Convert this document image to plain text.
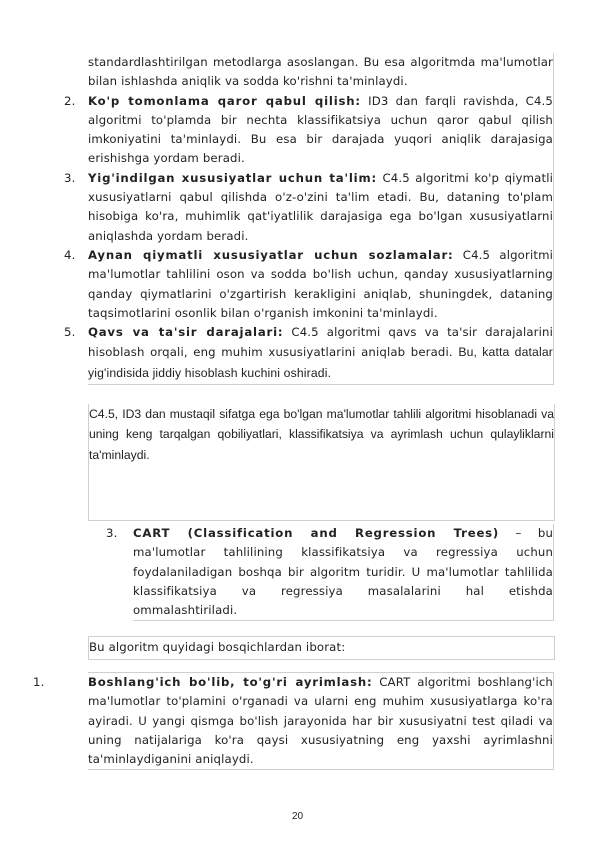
standardlashtirilgan metodlarga asoslangan. Bu esa algoritmda ma'lumotlar bilan ishlashda aniqlik va sodda ko'rishni ta'minlaydi.

2. Ko'p tomonlama qaror qabul qilish: ID3 dan farqli ravishda, C4.5 algoritmi to'plamda bir nechta klassifikatsiya uchun qaror qabul qilish imkoniyatini ta'minlaydi. Bu esa bir darajada yuqori aniqlik darajasiga erishishga yordam beradi.
3. Yig'indilgan xususiyatlar uchun ta'lim: C4.5 algoritmi ko'p qiymatli xususiyatlarni qabul qilishda o'z-o'zini ta'lim etadi. Bu, dataning to'plam hisobiga ko'ra, muhimlik qat'iyatlilik darajasiga ega bo'lgan xususiyatlarni aniqlashda yordam beradi.
4. Aynan qiymatli xususiyatlar uchun sozlamalar: C4.5 algoritmi ma'lumotlar tahlilini oson va sodda bo'lish uchun, qanday xususiyatlarning qanday qiymatlarini o'zgartirish kerakligini aniqlab, shuningdek, dataning taqsimotlarini osonlik bilan o'rganish imkonini ta'minlaydi.
5. Qavs va ta'sir darajalari: C4.5 algoritmi qavs va ta'sir darajalarini hisoblash orqali, eng muhim xususiyatlarini aniqlab beradi. Bu, katta datalar yig'indisida jiddiy hisoblash kuchini oshiradi.

C4.5, ID3 dan mustaqil sifatga ega bo'lgan ma'lumotlar tahlili algoritmi hisoblanadi va uning keng tarqalgan qobiliyatlari, klassifikatsiya va ayrimlash uchun qulayliklarni ta'minlaydi.

3. CART (Classification and Regression Trees) – bu ma'lumotlar tahlilining klassifikatsiya va regressiya uchun foydalaniladigan boshqa bir algoritm turidir. U ma'lumotlar tahlilida klassifikatsiya va regressiya masalalarini hal etishda ommalashtiriladi.
Bu algoritm quyidagi bosqichlardan iborat:
1.	Boshlang'ich bo'lib, to'g'ri ayrimlash: CART algoritmi boshlang'ich ma'lumotlar to'plamini o'rganadi va ularni eng muhim xususiyatlarga ko'ra ayiradi. U yangi qismga bo'lish jarayonida har bir xususiyatni test qiladi va uning natijalariga ko'ra qaysi xususiyatning eng yaxshi ayrimlashni ta'minlaydiganini aniqlaydi.
20
